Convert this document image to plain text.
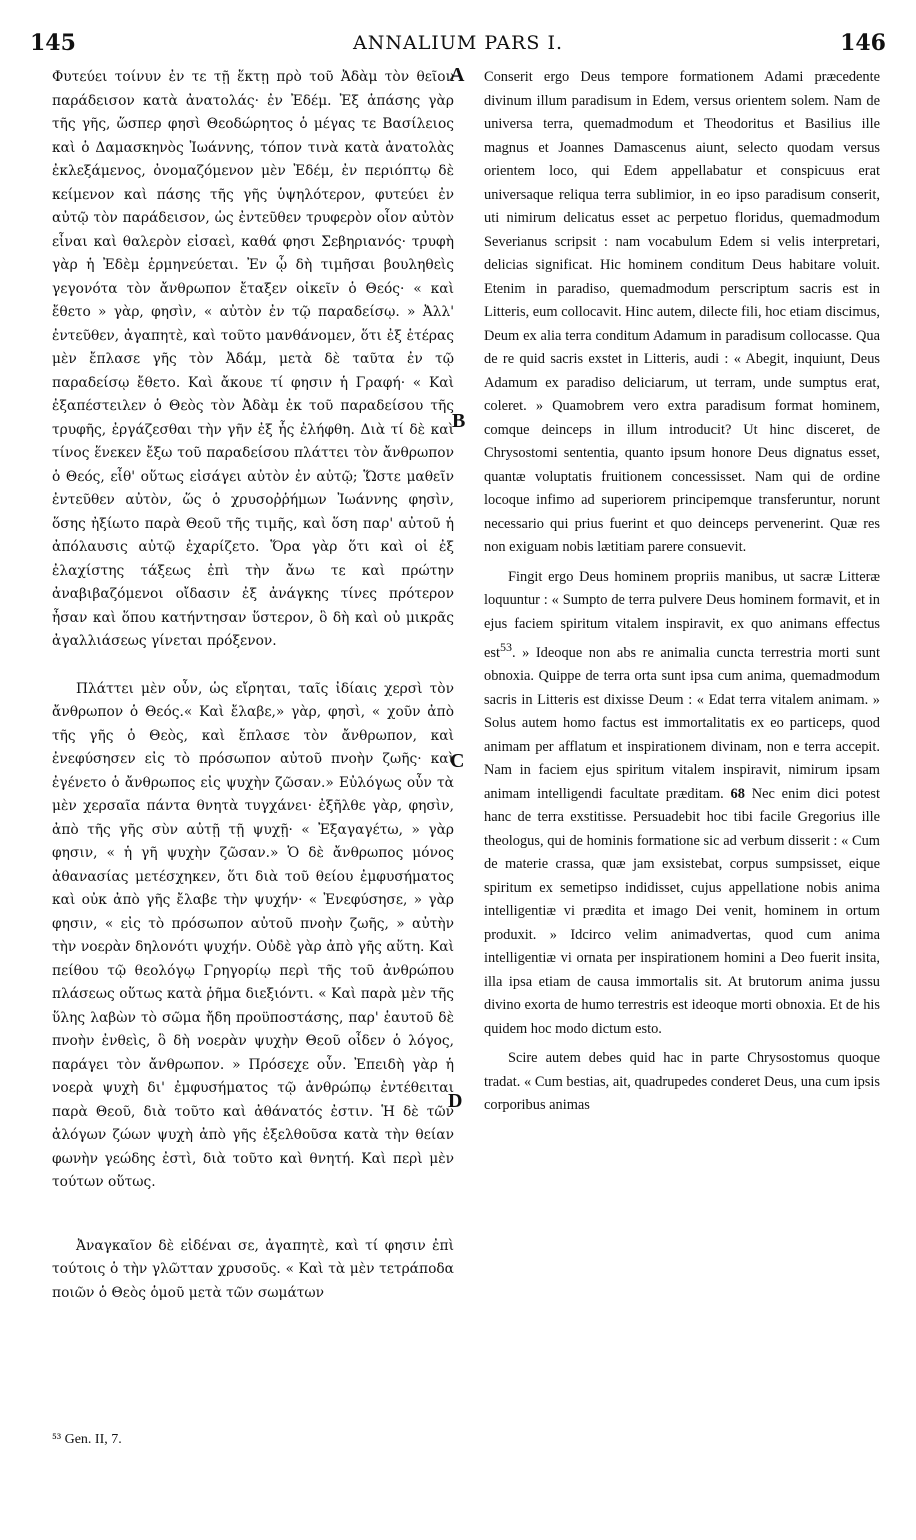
145	ANNALIUM PARS I.	146
A
B
C
D

Φυτεύει τοίνυν ἐν τε τῇ ἕκτῃ πρὸ τοῦ Ἀδὰμ τὸν θεῖον παράδεισον κατὰ ἀνατολάς· ἐν Ἐδέμ. Ἐξ ἁπάσης γὰρ τῆς γῆς, ὥσπερ φησὶ Θεοδώρητος ὁ μέγας τε Βασίλειος καὶ ὁ Δαμασκηνὸς Ἰωάννης, τόπον τινὰ κατὰ ἀνατολὰς ἐκλεξάμενος, ὀνομαζόμενον μὲν Ἐδέμ, ἐν περιόπτῳ δὲ κείμενον καὶ πάσης τῆς γῆς ὑψηλότερον, φυτεύει ἐν αὐτῷ τὸν παράδεισον, ὡς ἐντεῦθεν τρυφερὸν οἷον αὐτὸν εἶναι καὶ θαλερὸν εἰσαεὶ, καθά φησι Σεβηριανός· τρυφὴ γὰρ ἡ Ἐδὲμ ἑρμηνεύεται. Ἐν ᾧ δὴ τιμῆσαι βουληθεὶς γεγονότα τὸν ἄνθρωπον ἔταξεν οἰκεῖν ὁ Θεός· « καὶ ἔθετο » γὰρ, φησὶν, « αὐτὸν ἐν τῷ παραδείσῳ. » Ἀλλ' ἐντεῦθεν, ἀγαπητὲ, καὶ τοῦτο μανθάνομεν, ὅτι ἐξ ἑτέρας μὲν ἔπλασε γῆς τὸν Ἀδάμ, μετὰ δὲ ταῦτα ἐν τῷ παραδείσῳ ἔθετο. Καὶ ἄκουε τί φησιν ἡ Γραφή· « Καὶ ἐξαπέστειλεν ὁ Θεὸς τὸν Ἀδὰμ ἐκ τοῦ παραδείσου τῆς τρυφῆς, ἐργάζεσθαι τὴν γῆν ἐξ ἧς ἐλήφθη. Διὰ τί δὲ καὶ τίνος ἕνεκεν ἔξω τοῦ παραδείσου πλάττει τὸν ἄνθρωπον ὁ Θεός, εἶθ' οὕτως εἰσάγει αὐτὸν ἐν αὐτῷ; Ὥστε μαθεῖν ἐντεῦθεν αὐτὸν, ὥς ὁ χρυσοῤῥήμων Ἰωάννης φησὶν, ὅσης ἠξίωτο παρὰ Θεοῦ τῆς τιμῆς, καὶ ὅση παρ' αὐτοῦ ἡ ἀπόλαυσις αὐτῷ ἐχαρίζετο. Ὅρα γὰρ ὅτι καὶ οἱ ἐξ ἐλαχίστης τάξεως ἐπὶ τὴν ἄνω τε καὶ πρώτην ἀναβιβαζόμενοι οἴδασιν ἐξ ἀνάγκης τίνες πρότερον ἦσαν καὶ ὅπου κατήντησαν ὕστερον, ὃ δὴ καὶ οὐ μικρᾶς ἀγαλλιάσεως γίνεται πρόξενον.

Πλάττει μὲν οὖν, ὡς εἴρηται, ταῖς ἰδίαις χερσὶ τὸν ἄνθρωπον ὁ Θεός.« Καὶ ἔλαβε,» γὰρ, φησὶ, « χοῦν ἀπὸ τῆς γῆς ὁ Θεὸς, καὶ ἔπλασε τὸν ἄνθρωπον, καὶ ἐνεφύσησεν εἰς τὸ πρόσωπον αὐτοῦ πνοὴν ζωῆς· καὶ ἐγένετο ὁ ἄνθρωπος εἰς ψυχὴν ζῶσαν.» Εὐλόγως οὖν τὰ μὲν χερσαῖα πάντα θνητὰ τυγχάνει· ἐξῆλθε γὰρ, φησὶν, ἀπὸ τῆς γῆς σὺν αὐτῇ τῇ ψυχῇ· « Ἐξαγαγέτω, » γὰρ φησιν, « ἡ γῆ ψυχὴν ζῶσαν.» Ὁ δὲ ἄνθρωπος μόνος ἀθανασίας μετέσχηκεν, ὅτι διὰ τοῦ θείου ἐμφυσήματος καὶ οὐκ ἀπὸ γῆς ἔλαβε τὴν ψυχήν· « Ἐνεφύσησε, » γὰρ φησιν, « εἰς τὸ πρόσωπον αὐτοῦ πνοὴν ζωῆς, » αὐτὴν τὴν νοερὰν δηλονότι ψυχήν. Οὐδὲ γὰρ ἀπὸ γῆς αὕτη. Καὶ πείθου τῷ θεολόγῳ Γρηγορίῳ περὶ τῆς τοῦ ἀνθρώπου πλάσεως οὕτως κατὰ ῥῆμα διεξιόντι. « Καὶ παρὰ μὲν τῆς ὕλης λαβὼν τὸ σῶμα ἤδη προϋποστάσης, παρ' ἑαυτοῦ δὲ πνοὴν ἐνθεὶς, ὃ δὴ νοερὰν ψυχὴν Θεοῦ οἶδεν ὁ λόγος, παράγει τὸν ἄνθρωπον. » Πρόσεχε οὖν. Ἐπειδὴ γὰρ ἡ νοερὰ ψυχὴ δι' ἐμφυσήματος τῷ ἀνθρώπῳ ἐντέθειται παρὰ Θεοῦ, διὰ τοῦτο καὶ ἀθάνατός ἐστιν. Ἡ δὲ τῶν ἀλόγων ζώων ψυχὴ ἀπὸ γῆς ἐξελθοῦσα κατὰ τὴν θείαν φωνὴν γεώδης ἐστὶ, διὰ τοῦτο καὶ θνητή. Καὶ περὶ μὲν τούτων οὕτως.

Ἀναγκαῖον δὲ εἰδέναι σε, ἀγαπητὲ, καὶ τί φησιν ἐπὶ τούτοις ὁ τὴν γλῶτταν χρυσοῦς. « Καὶ τὰ μὲν τετράποδα ποιῶν ὁ Θεὸς ὁμοῦ μετὰ τῶν σωμάτων

Conserit ergo Deus tempore formationem Adami præcedente divinum illum paradisum in Edem, versus orientem solem. Nam de universa terra, quemadmodum et Theodoritus et Basilius ille magnus et Joannes Damascenus aiunt, selecto quodam versus orientem loco, qui Edem appellabatur et conspicuus erat universaque reliqua terra sublimior, in eo ipso paradisum conserit, uti nimirum delicatus esset ac perpetuo floridus, quemadmodum Severianus scripsit : nam vocabulum Edem si velis interpretari, delicias significat. Hic hominem conditum Deus habitare voluit. Etenim in paradiso, quemadmodum perscriptum sacris est in Litteris, eum collocavit. Hinc autem, dilecte fili, hoc etiam discimus, Deum ex alia terra conditum Adamum in paradisum collocasse. Qua de re quid sacris exstet in Litteris, audi : « Abegit, inquiunt, Deus Adamum ex paradiso deliciarum, ut terram, unde sumptus erat, coleret. » Quamobrem vero extra paradisum format hominem, comque deinceps in illum introducit? Ut hinc disceret, de Chrysostomi sententia, quanto ipsum honore Deus dignatus esset, quantæ voluptatis fruitionem concessisset. Nam qui de ordine locoque infimo ad superiorem principemque transferuntur, norunt necessario qui prius fuerint et quo deinceps pervenerint. Quæ res non exiguam nobis lætitiam parere consuevit.

Fingit ergo Deus hominem propriis manibus, ut sacræ Litteræ loquuntur : « Sumpto de terra pulvere Deus hominem formavit, et in ejus faciem spiritum vitalem inspiravit, ex quo animans effectus est$^{53}$. » Ideoque non abs re animalia cuncta terrestria morti sunt obnoxia. Quippe de terra orta sunt ipsa cum anima, quemadmodum sacris in Litteris est dixisse Deum : « Edat terra vitalem animam. » Solus autem homo factus est immortalitatis ex eo particeps, quod animam per afflatum et inspirationem divinam, non e terra accepit. Nam in faciem ejus spiritum vitalem inspiravit, nimirum ipsam animam intelligendi facultate præditam. 68 Nec enim dici potest hanc de terra exstitisse. Persuadebit hoc tibi facile Gregorius ille theologus, qui de hominis formatione sic ad verbum disserit : « Cum de materie crassa, quæ jam exsistebat, corpus sumpsisset, eique spiritum ex semetipso indidisset, cujus appellatione nobis anima intelligentiæ vi prædita et imago Dei venit, hominem in ortum produxit. » Idcirco velim animadvertas, quod cum anima intelligentiæ vi ornata per inspirationem homini a Deo fuerit insita, illa ipsa etiam de causa immortalis sit. At brutorum anima jussu divino exorta de humo terrestris est ideoque morti obnoxia. Et de his quidem hoc modo dictum esto.

Scire autem debes quid hac in parte Chrysostomus quoque tradat. « Cum bestias, ait, quadrupedes conderet Deus, una cum ipsis corporibus animas

⁵³ Gen. II, 7.
